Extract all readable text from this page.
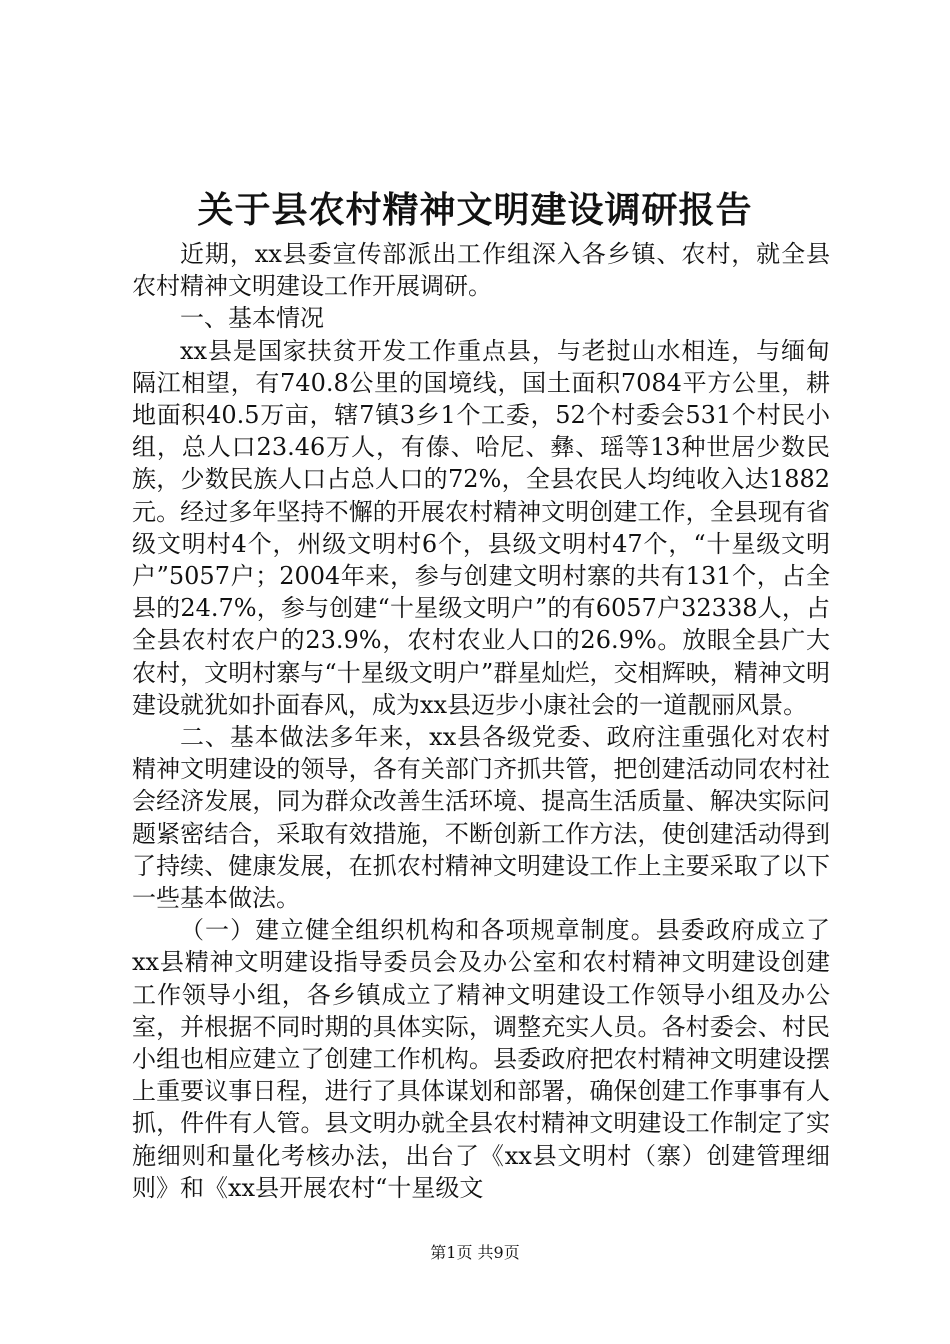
关于县农村精神文明建设调研报告

近期，xx县委宣传部派出工作组深入各乡镇、农村，就全县农村精神文明建设工作开展调研。

一、基本情况

xx县是国家扶贫开发工作重点县，与老挝山水相连，与缅甸隔江相望，有740.8公里的国境线，国土面积7084平方公里，耕地面积40.5万亩，辖7镇3乡1个工委，52个村委会531个村民小组，总人口23.46万人，有傣、哈尼、彝、瑶等13种世居少数民族，少数民族人口占总人口的72%，全县农民人均纯收入达1882元。经过多年坚持不懈的开展农村精神文明创建工作，全县现有省级文明村4个，州级文明村6个，县级文明村47个，“十星级文明户”5057户；2004年来，参与创建文明村寨的共有131个，占全县的24.7%，参与创建“十星级文明户”的有6057户32338人，占全县农村农户的23.9%，农村农业人口的26.9%。放眼全县广大农村，文明村寨与“十星级文明户”群星灿烂，交相辉映，精神文明建设就犹如扑面春风，成为xx县迈步小康社会的一道靓丽风景。

二、基本做法多年来，xx县各级党委、政府注重强化对农村精神文明建设的领导，各有关部门齐抓共管，把创建活动同农村社会经济发展，同为群众改善生活环境、提高生活质量、解决实际问题紧密结合，采取有效措施，不断创新工作方法，使创建活动得到了持续、健康发展，在抓农村精神文明建设工作上主要采取了以下一些基本做法。

（一）建立健全组织机构和各项规章制度。县委政府成立了xx县精神文明建设指导委员会及办公室和农村精神文明建设创建工作领导小组，各乡镇成立了精神文明建设工作领导小组及办公室，并根据不同时期的具体实际，调整充实人员。各村委会、村民小组也相应建立了创建工作机构。县委政府把农村精神文明建设摆上重要议事日程，进行了具体谋划和部署，确保创建工作事事有人抓，件件有人管。县文明办就全县农村精神文明建设工作制定了实施细则和量化考核办法，出台了《xx县文明村（寨）创建管理细则》和《xx县开展农村“十星级文

第1页 共9页
